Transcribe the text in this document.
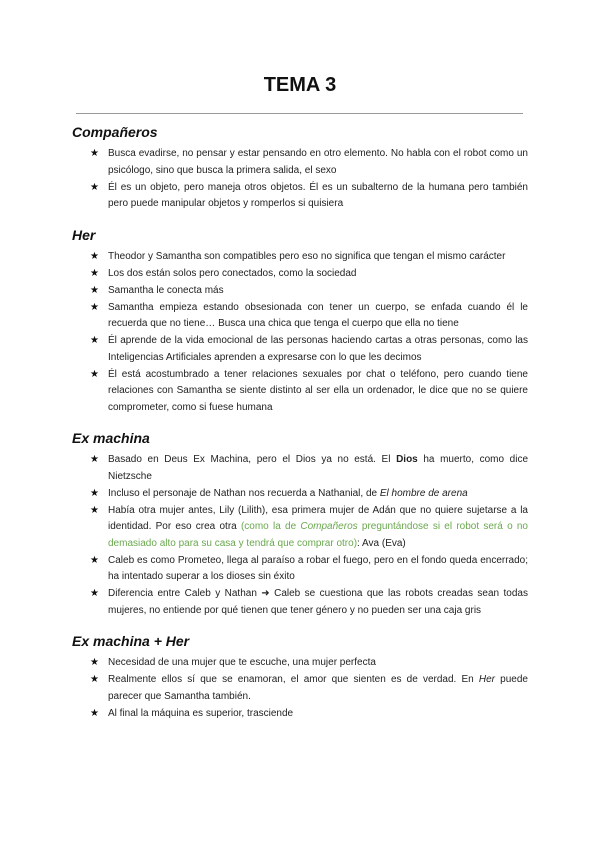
TEMA 3
Compañeros
★ Busca evadirse, no pensar y estar pensando en otro elemento. No habla con el robot como un psicólogo, sino que busca la primera salida, el sexo
★ Él es un objeto, pero maneja otros objetos. Él es un subalterno de la humana pero también pero puede manipular objetos y romperlos si quisiera
Her
★ Theodor y Samantha son compatibles pero eso no significa que tengan el mismo carácter
★ Los dos están solos pero conectados, como la sociedad
★ Samantha le conecta más
★ Samantha empieza estando obsesionada con tener un cuerpo, se enfada cuando él le recuerda que no tiene… Busca una chica que tenga el cuerpo que ella no tiene
★ Él aprende de la vida emocional de las personas haciendo cartas a otras personas, como las Inteligencias Artificiales aprenden a expresarse con lo que les decimos
★ Él está acostumbrado a tener relaciones sexuales por chat o teléfono, pero cuando tiene relaciones con Samantha se siente distinto al ser ella un ordenador, le dice que no se quiere comprometer, como si fuese humana
Ex machina
★ Basado en Deus Ex Machina, pero el Dios ya no está. El Dios ha muerto, como dice Nietzsche
★ Incluso el personaje de Nathan nos recuerda a Nathanial, de El hombre de arena
★ Había otra mujer antes, Lily (Lilith), esa primera mujer de Adán que no quiere sujetarse a la identidad. Por eso crea otra (como la de Compañeros preguntándose si el robot será o no demasiado alto para su casa y tendrá que comprar otro): Ava (Eva)
★ Caleb es como Prometeo, llega al paraíso a robar el fuego, pero en el fondo queda encerrado; ha intentado superar a los dioses sin éxito
★ Diferencia entre Caleb y Nathan ➜ Caleb se cuestiona que las robots creadas sean todas mujeres, no entiende por qué tienen que tener género y no pueden ser una caja gris
Ex machina + Her
★ Necesidad de una mujer que te escuche, una mujer perfecta
★ Realmente ellos sí que se enamoran, el amor que sienten es de verdad. En Her puede parecer que Samantha también.
★ Al final la máquina es superior, trasciende
